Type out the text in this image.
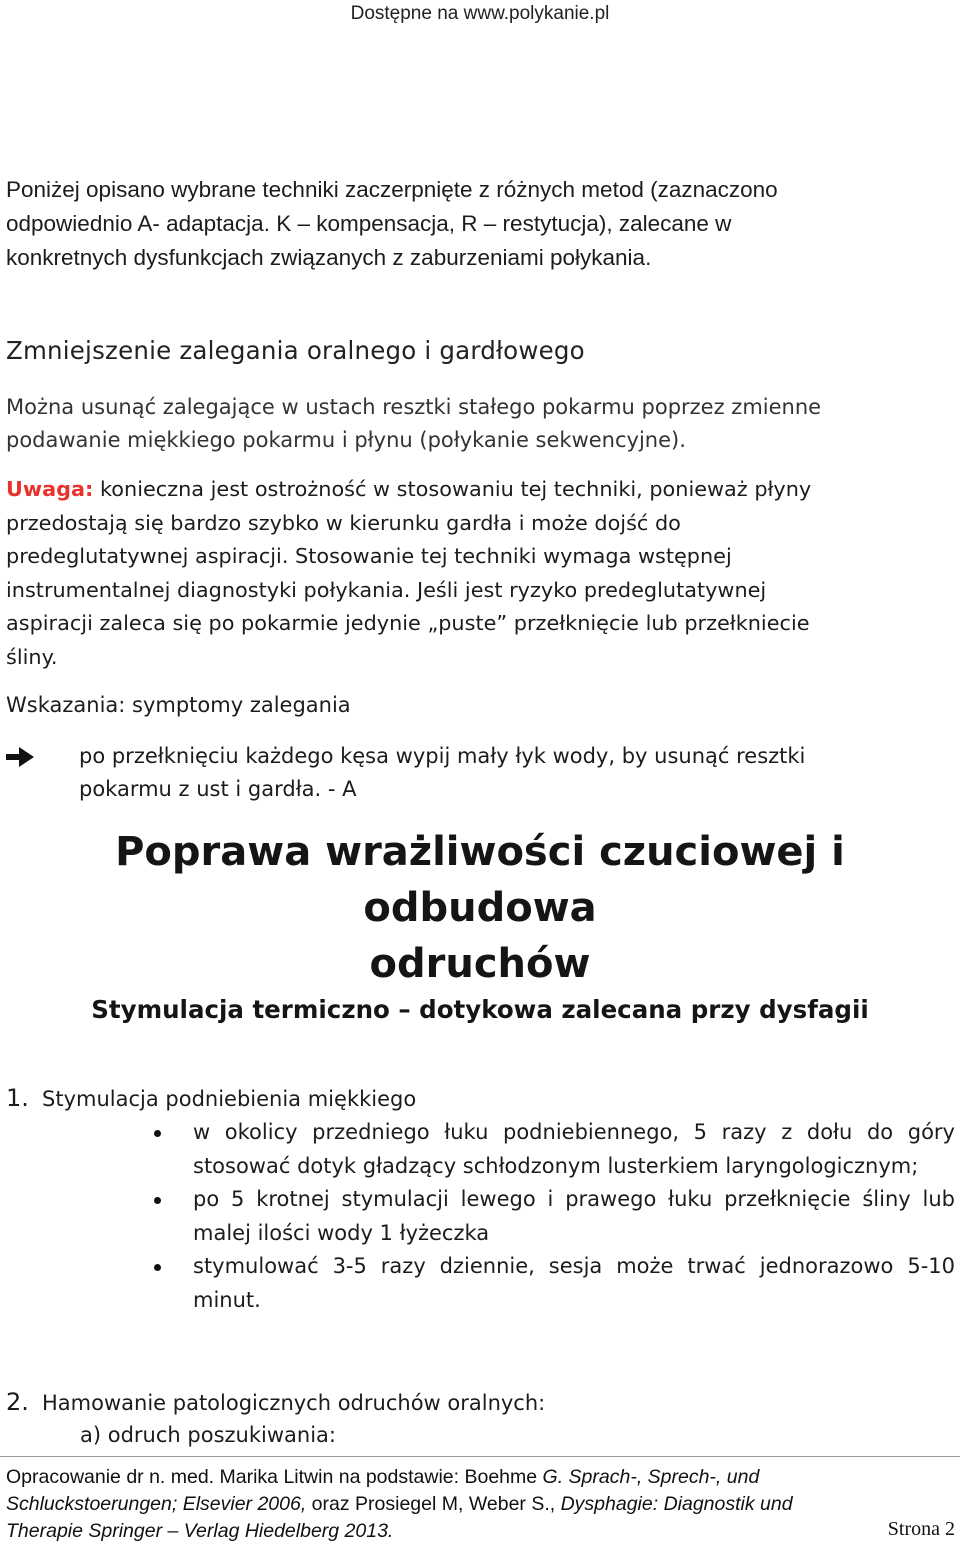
Dostępne na www.polykanie.pl
Poniżej opisano wybrane techniki zaczerpnięte z różnych metod (zaznaczono
odpowiednio A- adaptacja. K – kompensacja, R – restytucja), zalecane w
konkretnych dysfunkcjach związanych z zaburzeniami połykania.
Zmniejszenie zalegania oralnego i gardłowego
Można usunąć zalegające w ustach resztki stałego pokarmu poprzez zmienne
podawanie miękkiego pokarmu i płynu (połykanie sekwencyjne).
Uwaga: konieczna jest ostrożność w stosowaniu tej techniki, ponieważ płyny
przedostają się bardzo szybko w kierunku gardła i może dojść do
predeglutatywnej aspiracji. Stosowanie tej techniki wymaga wstępnej
instrumentalnej diagnostyki połykania. Jeśli jest ryzyko predeglutatywnej
aspiracji zaleca się po pokarmie jedynie „puste” przełknięcie lub przełkniecie
śliny.
Wskazania: symptomy zalegania
po przełknięciu każdego kęsa wypij mały łyk wody, by usunąć resztki
pokarmu z ust i gardła. - A
Poprawa wrażliwości czuciowej i odbudowa
odruchów
Stymulacja termiczno – dotykowa zalecana przy dysfagii
1. Stymulacja podniebienia miękkiego
w okolicy przedniego łuku podniebiennego, 5 razy z dołu do góry stosować dotyk gładzący schłodzonym lusterkiem laryngologicznym;
po 5 krotnej stymulacji lewego i prawego łuku przełknięcie śliny lub malej ilości wody 1 łyżeczka
stymulować 3-5 razy dziennie, sesja może trwać jednorazowo 5-10 minut.
2. Hamowanie patologicznych odruchów oralnych:
a) odruch poszukiwania:
Opracowanie dr n. med. Marika Litwin na podstawie: Boehme G. Sprach-, Sprech-, und
Schluckstoerungen; Elsevier 2006, oraz Prosiegel M, Weber S., Dysphagie: Diagnostik und
Therapie Springer – Verlag Hiedelberg 2013.	Strona 2
